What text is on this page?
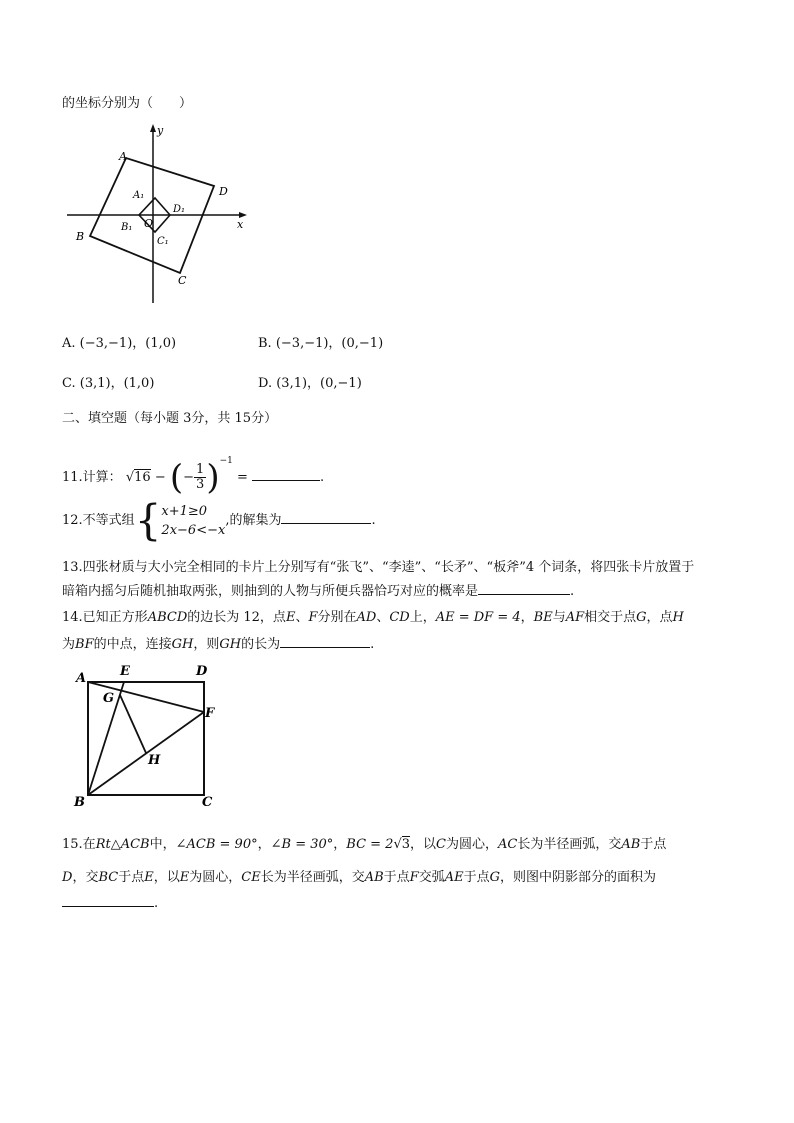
的坐标分别为（　　）
y
x
A
D
B
C
A₁
D₁
B₁
C₁
O
A. (−3,−1)，(1,0)	B. (−3,−1)，(0,−1)
C. (3,1)，(1,0)	D. (3,1)，(0,−1)
二、填空题（每小题 3分，共 15分）
11.计算： √16 − (− $\frac{1}{3} )^{-1}$ =	.
12.不等式组{ x+1≥0
2x−6<−x
,的解集为	.
13.四张材质与大小完全相同的卡片上分别写有“张飞”、“李逵”、“长矛”、“板斧”4 个词条，将四张卡片放置于
暗箱内摇匀后随机抽取两张，则抽到的人物与所便兵器恰巧对应的概率是	.
14.已知正方形ABCD的边长为 12，点E、F分别在AD、CD上，AE = DF = 4，BE与AF相交于点G，点H
为BF的中点，连接GH，则GH的长为	.
A	D
E
F
G
H
B	C
15.在Rt△ACB中，∠ACB = 90°，∠B = 30°，BC = 2√3，以C为圆心，AC长为半径画弧，交AB于点
D，交BC于点E，以E为圆心，CE长为半径画弧，交AB于点F交弧AE于点G，则图中阴影部分的面积为
.
